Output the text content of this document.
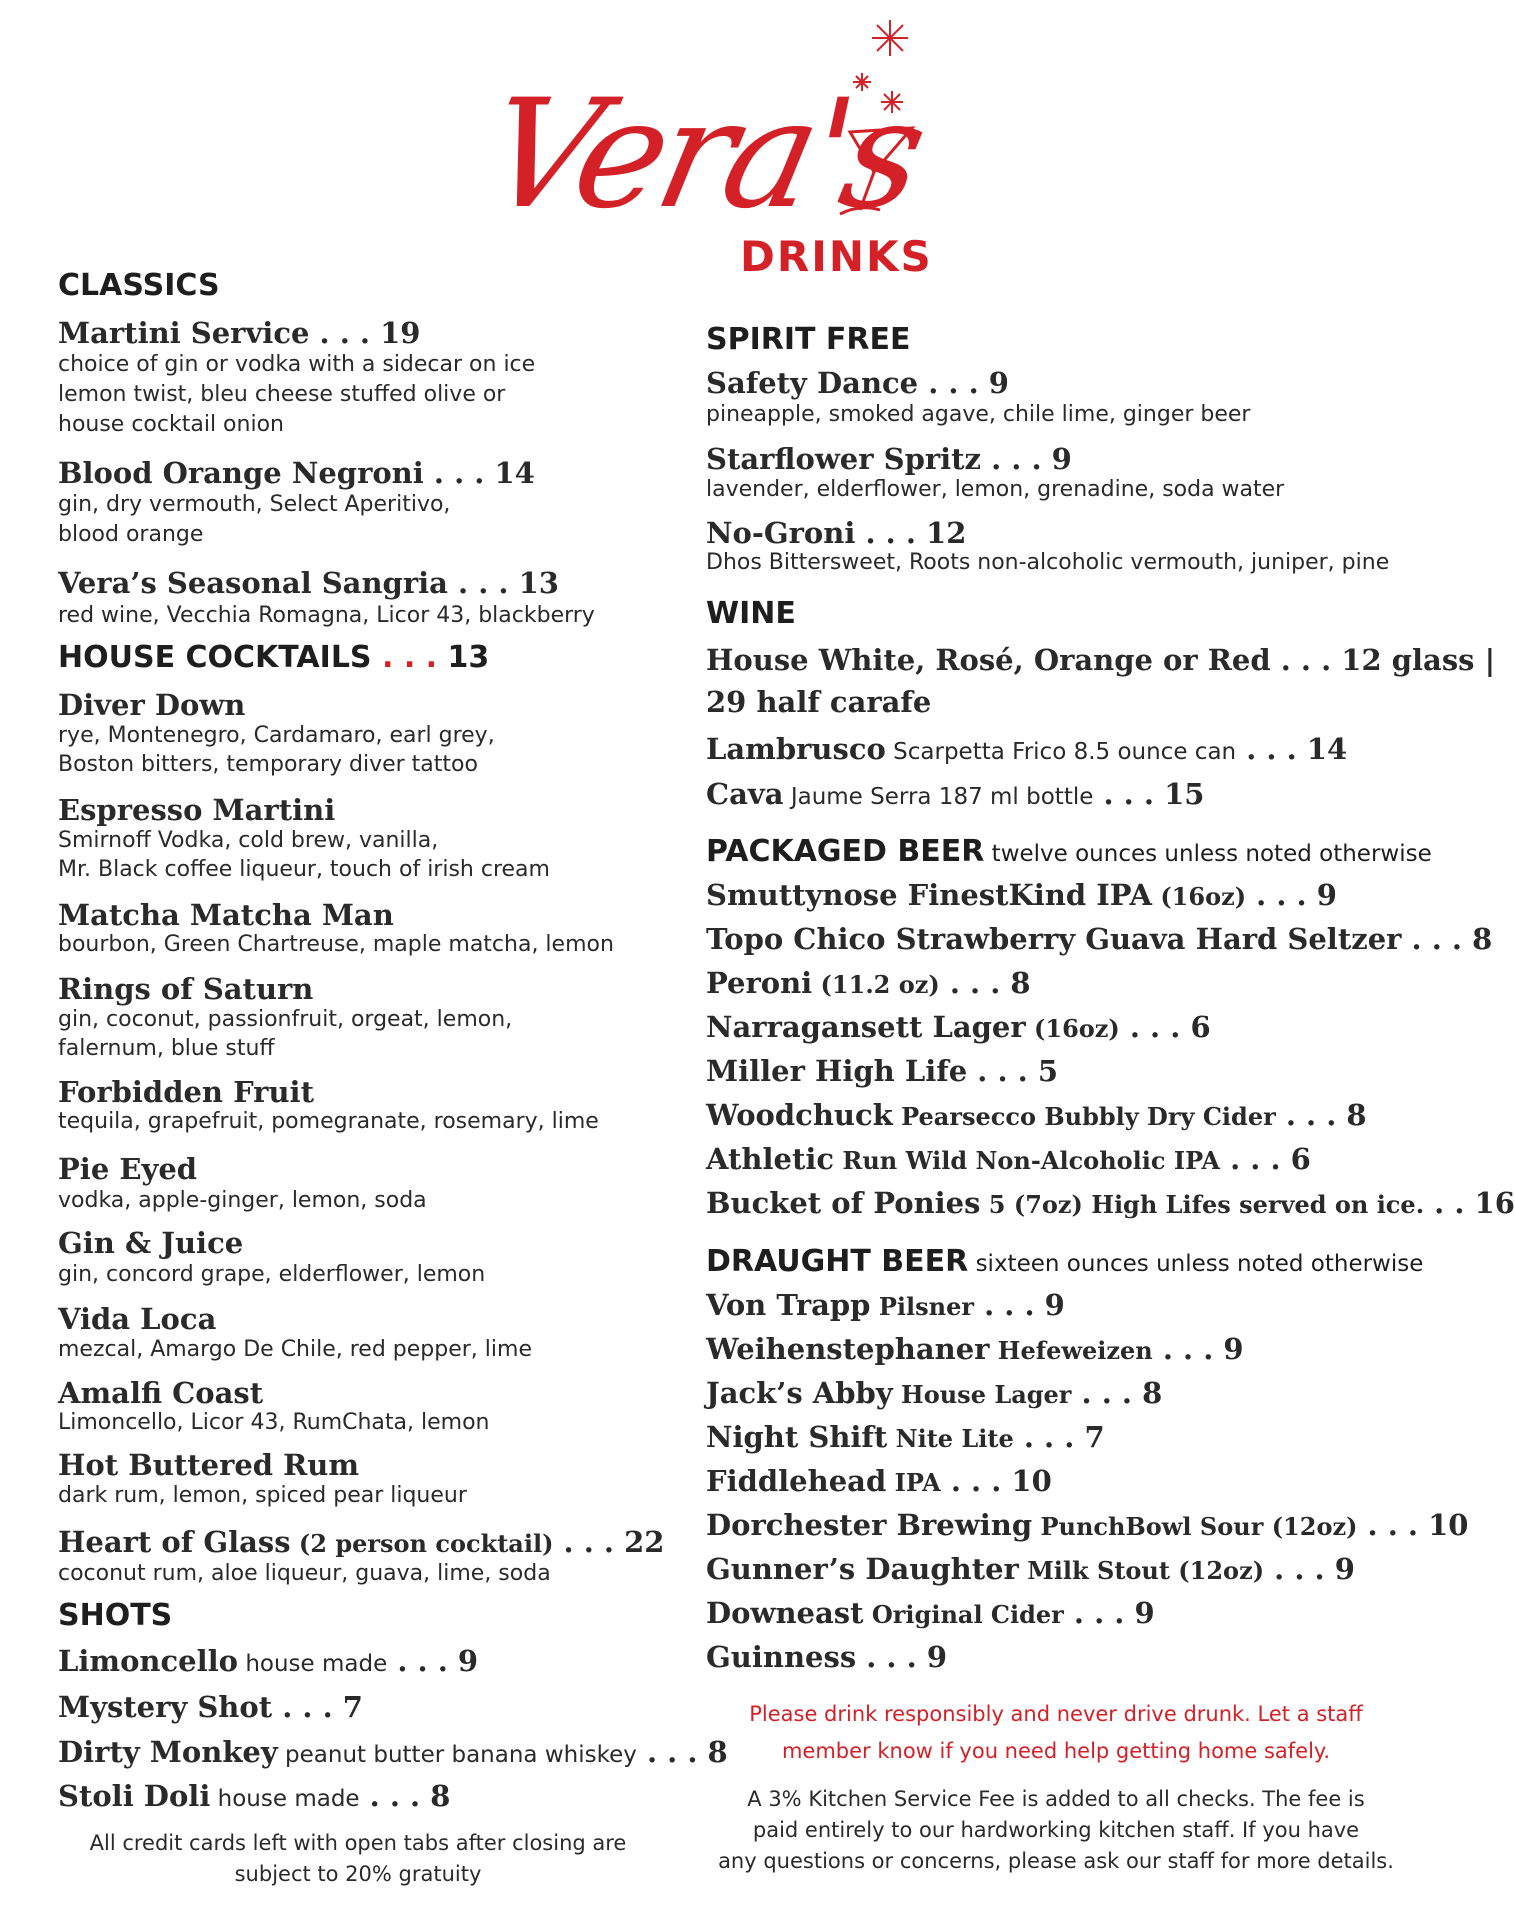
Vera's
DRINKS
CLASSICS
Martini Service . . . 19
choice of gin or vodka with a sidecar on ice
lemon twist, bleu cheese stuffed olive or
house cocktail onion
Blood Orange Negroni . . . 14
gin, dry vermouth, Select Aperitivo,
blood orange
Vera’s Seasonal Sangria . . . 13
red wine, Vecchia Romagna, Licor 43, blackberry
HOUSE COCKTAILS . . . 13
Diver Down
rye, Montenegro, Cardamaro, earl grey,
Boston bitters, temporary diver tattoo
Espresso Martini
Smirnoff Vodka, cold brew, vanilla,
Mr. Black coffee liqueur, touch of irish cream
Matcha Matcha Man
bourbon, Green Chartreuse, maple matcha, lemon
Rings of Saturn
gin, coconut, passionfruit, orgeat, lemon,
falernum, blue stuff
Forbidden Fruit
tequila, grapefruit, pomegranate, rosemary, lime
Pie Eyed
vodka, apple-ginger, lemon, soda
Gin & Juice
gin, concord grape, elderflower, lemon
Vida Loca
mezcal, Amargo De Chile, red pepper, lime
Amalfi Coast
Limoncello, Licor 43, RumChata, lemon
Hot Buttered Rum
dark rum, lemon, spiced pear liqueur
Heart of Glass (2 person cocktail) . . . 22
coconut rum, aloe liqueur, guava, lime, soda
SHOTS
Limoncello house made . . . 9
Mystery Shot . . . 7
Dirty Monkey peanut butter banana whiskey . . . 8
Stoli Doli house made . . . 8
All credit cards left with open tabs after closing are
subject to 20% gratuity
SPIRIT FREE
Safety Dance . . . 9
pineapple, smoked agave, chile lime, ginger beer
Starflower Spritz . . . 9
lavender, elderflower, lemon, grenadine, soda water
No-Groni . . . 12
Dhos Bittersweet, Roots non-alcoholic vermouth, juniper, pine
WINE
House White, Rosé, Orange or Red . . . 12 glass |
29 half carafe
Lambrusco Scarpetta Frico 8.5 ounce can . . . 14
Cava Jaume Serra 187 ml bottle . . . 15
PACKAGED BEER twelve ounces unless noted otherwise
Smuttynose FinestKind IPA (16oz) . . . 9
Topo Chico Strawberry Guava Hard Seltzer . . . 8
Peroni (11.2 oz) . . . 8
Narragansett Lager (16oz) . . . 6
Miller High Life . . . 5
Woodchuck Pearsecco Bubbly Dry Cider . . . 8
Athletic Run Wild Non-Alcoholic IPA . . . 6
Bucket of Ponies 5 (7oz) High Lifes served on ice. . . 16
DRAUGHT BEER sixteen ounces unless noted otherwise
Von Trapp Pilsner . . . 9
Weihenstephaner Hefeweizen . . . 9
Jack’s Abby House Lager . . . 8
Night Shift Nite Lite . . . 7
Fiddlehead IPA . . . 10
Dorchester Brewing PunchBowl Sour (12oz) . . . 10
Gunner’s Daughter Milk Stout (12oz) . . . 9
Downeast Original Cider . . . 9
Guinness . . . 9
Please drink responsibly and never drive drunk. Let a staff
member know if you need help getting home safely.
A 3% Kitchen Service Fee is added to all checks. The fee is
paid entirely to our hardworking kitchen staff. If you have
any questions or concerns, please ask our staff for more details.
